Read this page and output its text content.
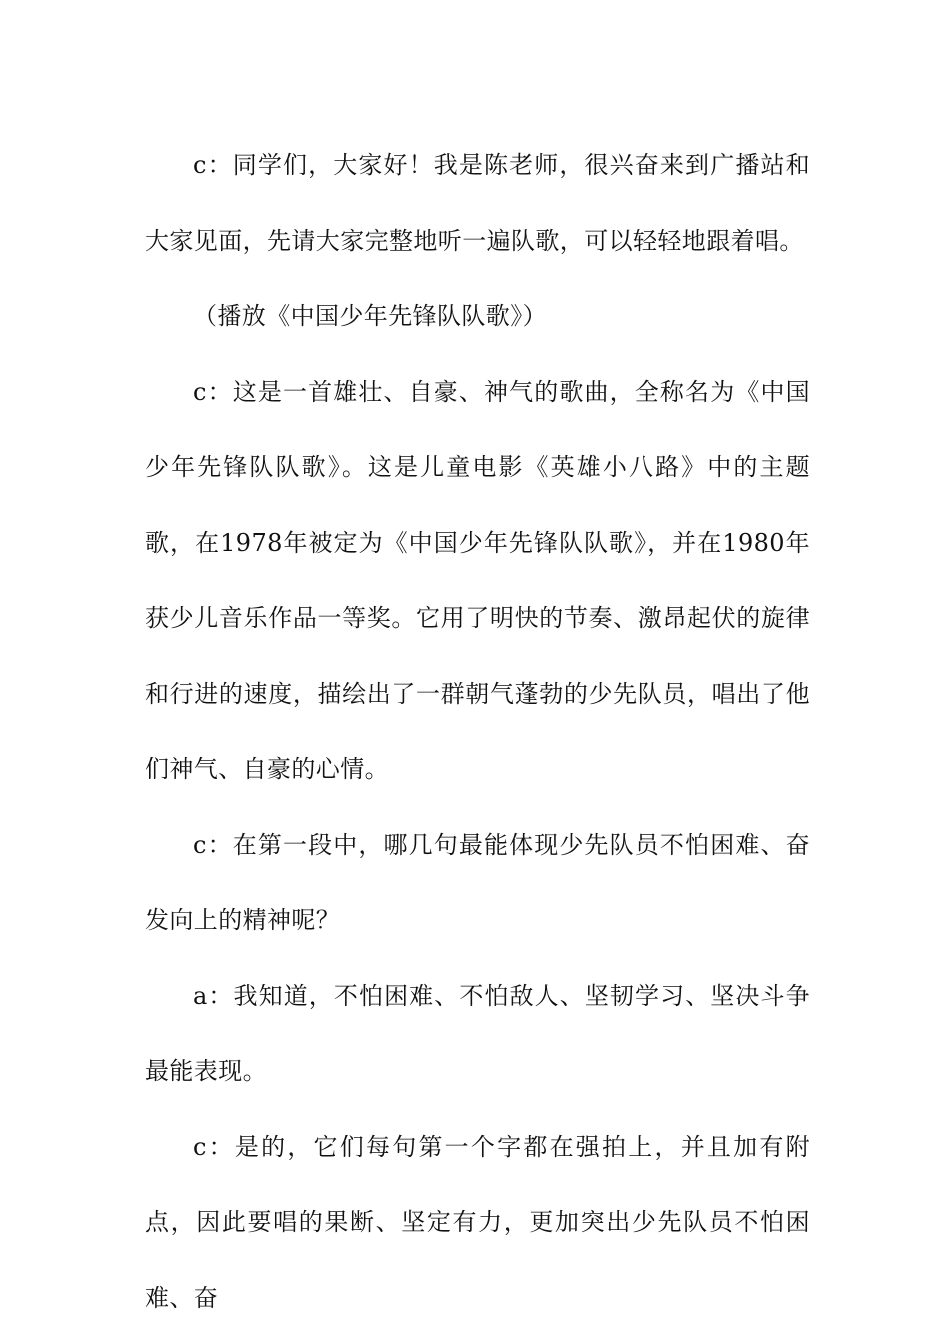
c：同学们，大家好！我是陈老师，很兴奋来到广播站和大家见面，先请大家完整地听一遍队歌，可以轻轻地跟着唱。

（播放《中国少年先锋队队歌》）

c：这是一首雄壮、自豪、神气的歌曲，全称名为《中国少年先锋队队歌》。这是儿童电影《英雄小八路》中的主题歌，在1978年被定为《中国少年先锋队队歌》，并在1980年获少儿音乐作品一等奖。它用了明快的节奏、激昂起伏的旋律和行进的速度，描绘出了一群朝气蓬勃的少先队员，唱出了他们神气、自豪的心情。

c：在第一段中，哪几句最能体现少先队员不怕困难、奋发向上的精神呢？

a：我知道，不怕困难、不怕敌人、坚韧学习、坚决斗争最能表现。

c：是的，它们每句第一个字都在强拍上，并且加有附点，因此要唱的果断、坚定有力，更加突出少先队员不怕困难、奋
